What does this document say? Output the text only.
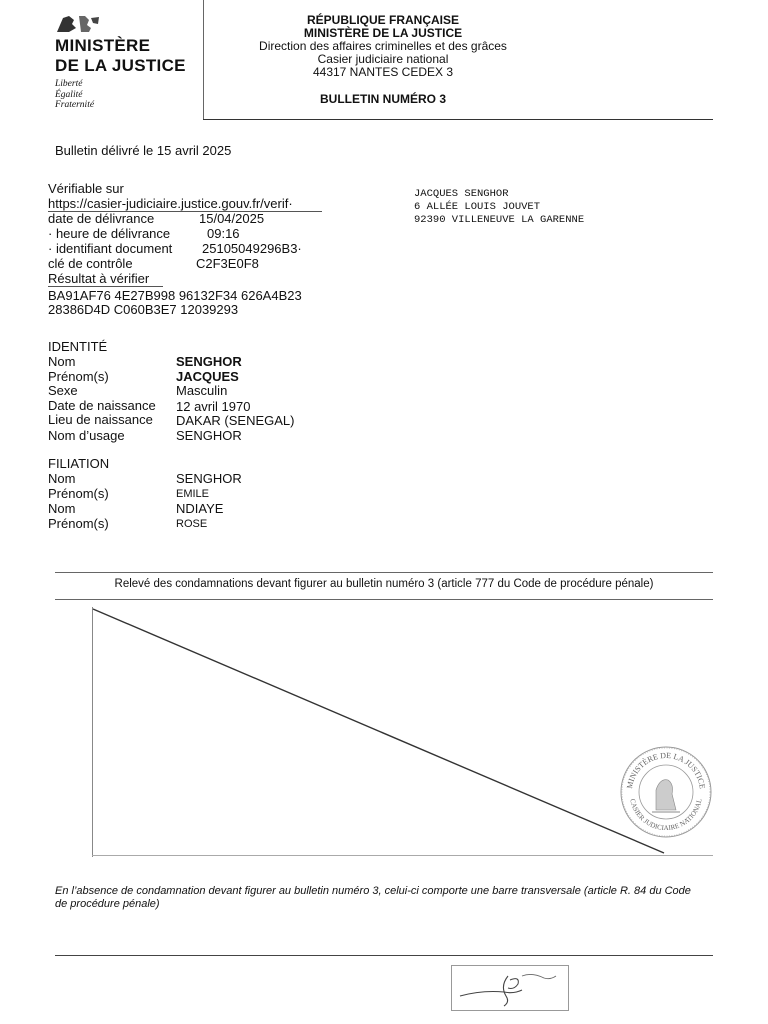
MINISTÈRE
DE LA JUSTICE
Liberté
Égalité
Fraternité
RÉPUBLIQUE FRANÇAISE
MINISTÈRE DE LA JUSTICE
Direction des affaires criminelles et des grâces
Casier judiciaire national
44317 NANTES CEDEX 3
BULLETIN NUMÉRO 3
Bulletin délivré le 15 avril 2025
Vérifiable sur
https://casier-judiciaire.justice.gouv.fr/verif·
date de délivrance	15/04/2025
· heure de délivrance	09:16
· identifiant document 25105049296B3·
clé de contrôle	C2F3E0F8
Résultat à vérifier
BA91AF76 4E27B998 96132F34 626A4B23
28386D4D C060B3E7 12039293
JACQUES SENGHOR
6 ALLÉE LOUIS JOUVET
92390 VILLENEUVE LA GARENNE
IDENTITÉ
Nom	SENGHOR
Prénom(s)	JACQUES
Sexe	Masculin
Date de naissance 12 avril 1970
Lieu de naissance DAKAR (SENEGAL)
Nom d’usage	SENGHOR
FILIATION
Nom	SENGHOR
Prénom(s)	EMILE
Nom	NDIAYE
Prénom(s)	ROSE
Relevé des condamnations devant figurer au bulletin numéro 3 (article 777 du Code de procédure pénale)
MINISTÈRE DE LA JUSTICE
CASIER JUDICIAIRE NATIONAL
En l’absence de condamnation devant figurer au bulletin numéro 3, celui-ci comporte une barre transversale (article R. 84 du Code de procédure pénale)
